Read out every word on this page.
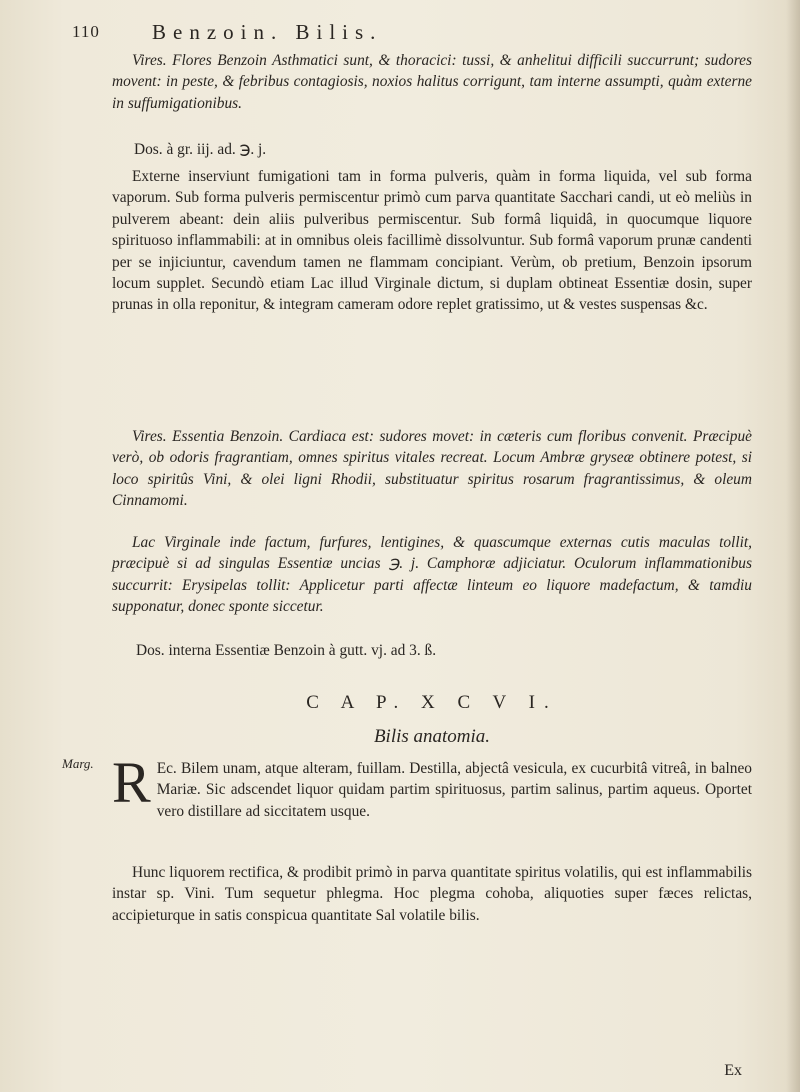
110 Benzoin. Bilis.

Vires. Flores Benzoin Asthmatici sunt, & thoracici: tussi, & anhelitui difficili succurrunt; sudores movent: in peste, & febribus contagiosis, noxios halitus corrigunt, tam interne assumpti, quàm externe in suffumigationibus.

Dos. à gr. iij. ad. ℈. j.

Externe inserviunt fumigationi tam in forma pulveris, quàm in forma liquida, vel sub forma vaporum. Sub forma pulveris permiscentur primò cum parva quantitate Sacchari candi, ut eò meliùs in pulverem abeant: dein aliis pulveribus permiscentur. Sub formâ liquidâ, in quocumque liquore spirituoso inflammabili: at in omnibus oleis facillimè dissolvuntur. Sub formâ vaporum prunæ candenti per se injiciuntur, cavendum tamen ne flammam concipiant. Verùm, ob pretium, Benzoin ipsorum locum supplet. Secundò etiam Lac illud Virginale dictum, si duplam obtineat Essentiæ dosin, super prunas in olla reponitur, & integram cameram odore replet gratissimo, ut & vestes suspensas &c.

Vires. Essentia Benzoin. Cardiaca est: sudores movet: in cæteris cum floribus convenit. Præcipuè verò, ob odoris fragrantiam, omnes spiritus vitales recreat. Locum Ambræ gryseæ obtinere potest, si loco spiritûs Vini, & olei ligni Rhodii, substituatur spiritus rosarum fragrantissimus, & oleum Cinnamomi.

Lac Virginale inde factum, furfures, lentigines, & quascumque externas cutis maculas tollit, præcipuè si ad singulas Essentiæ uncias ℈. j. Camphoræ adjiciatur. Oculorum inflammationibus succurrit: Erysipelas tollit: Applicetur parti affectæ linteum eo liquore madefactum, & tamdiu supponatur, donec sponte siccetur.

Dos. interna Essentiæ Benzoin à gutt. vj. ad 3. ß.
C A P. X C V I.
Bilis anatomia.
Marg. R Ec. Bilem unam, atque alteram, fuillam. Destilla, abjectâ vesicula, ex cucurbitâ vitreâ, in balneo Mariæ. Sic adscendet liquor quidam partim spirituosus, partim salinus, partim aqueus. Oportet vero distillare ad siccitatem usque.

Hunc liquorem rectifica, & prodibit primò in parva quantitate spiritus volatilis, qui est inflammabilis instar sp. Vini. Tum sequetur phlegma. Hoc plegma cohoba, aliquoties super fæces relictas, accipieturque in satis conspicua quantitate Sal volatile bilis.

Ex
